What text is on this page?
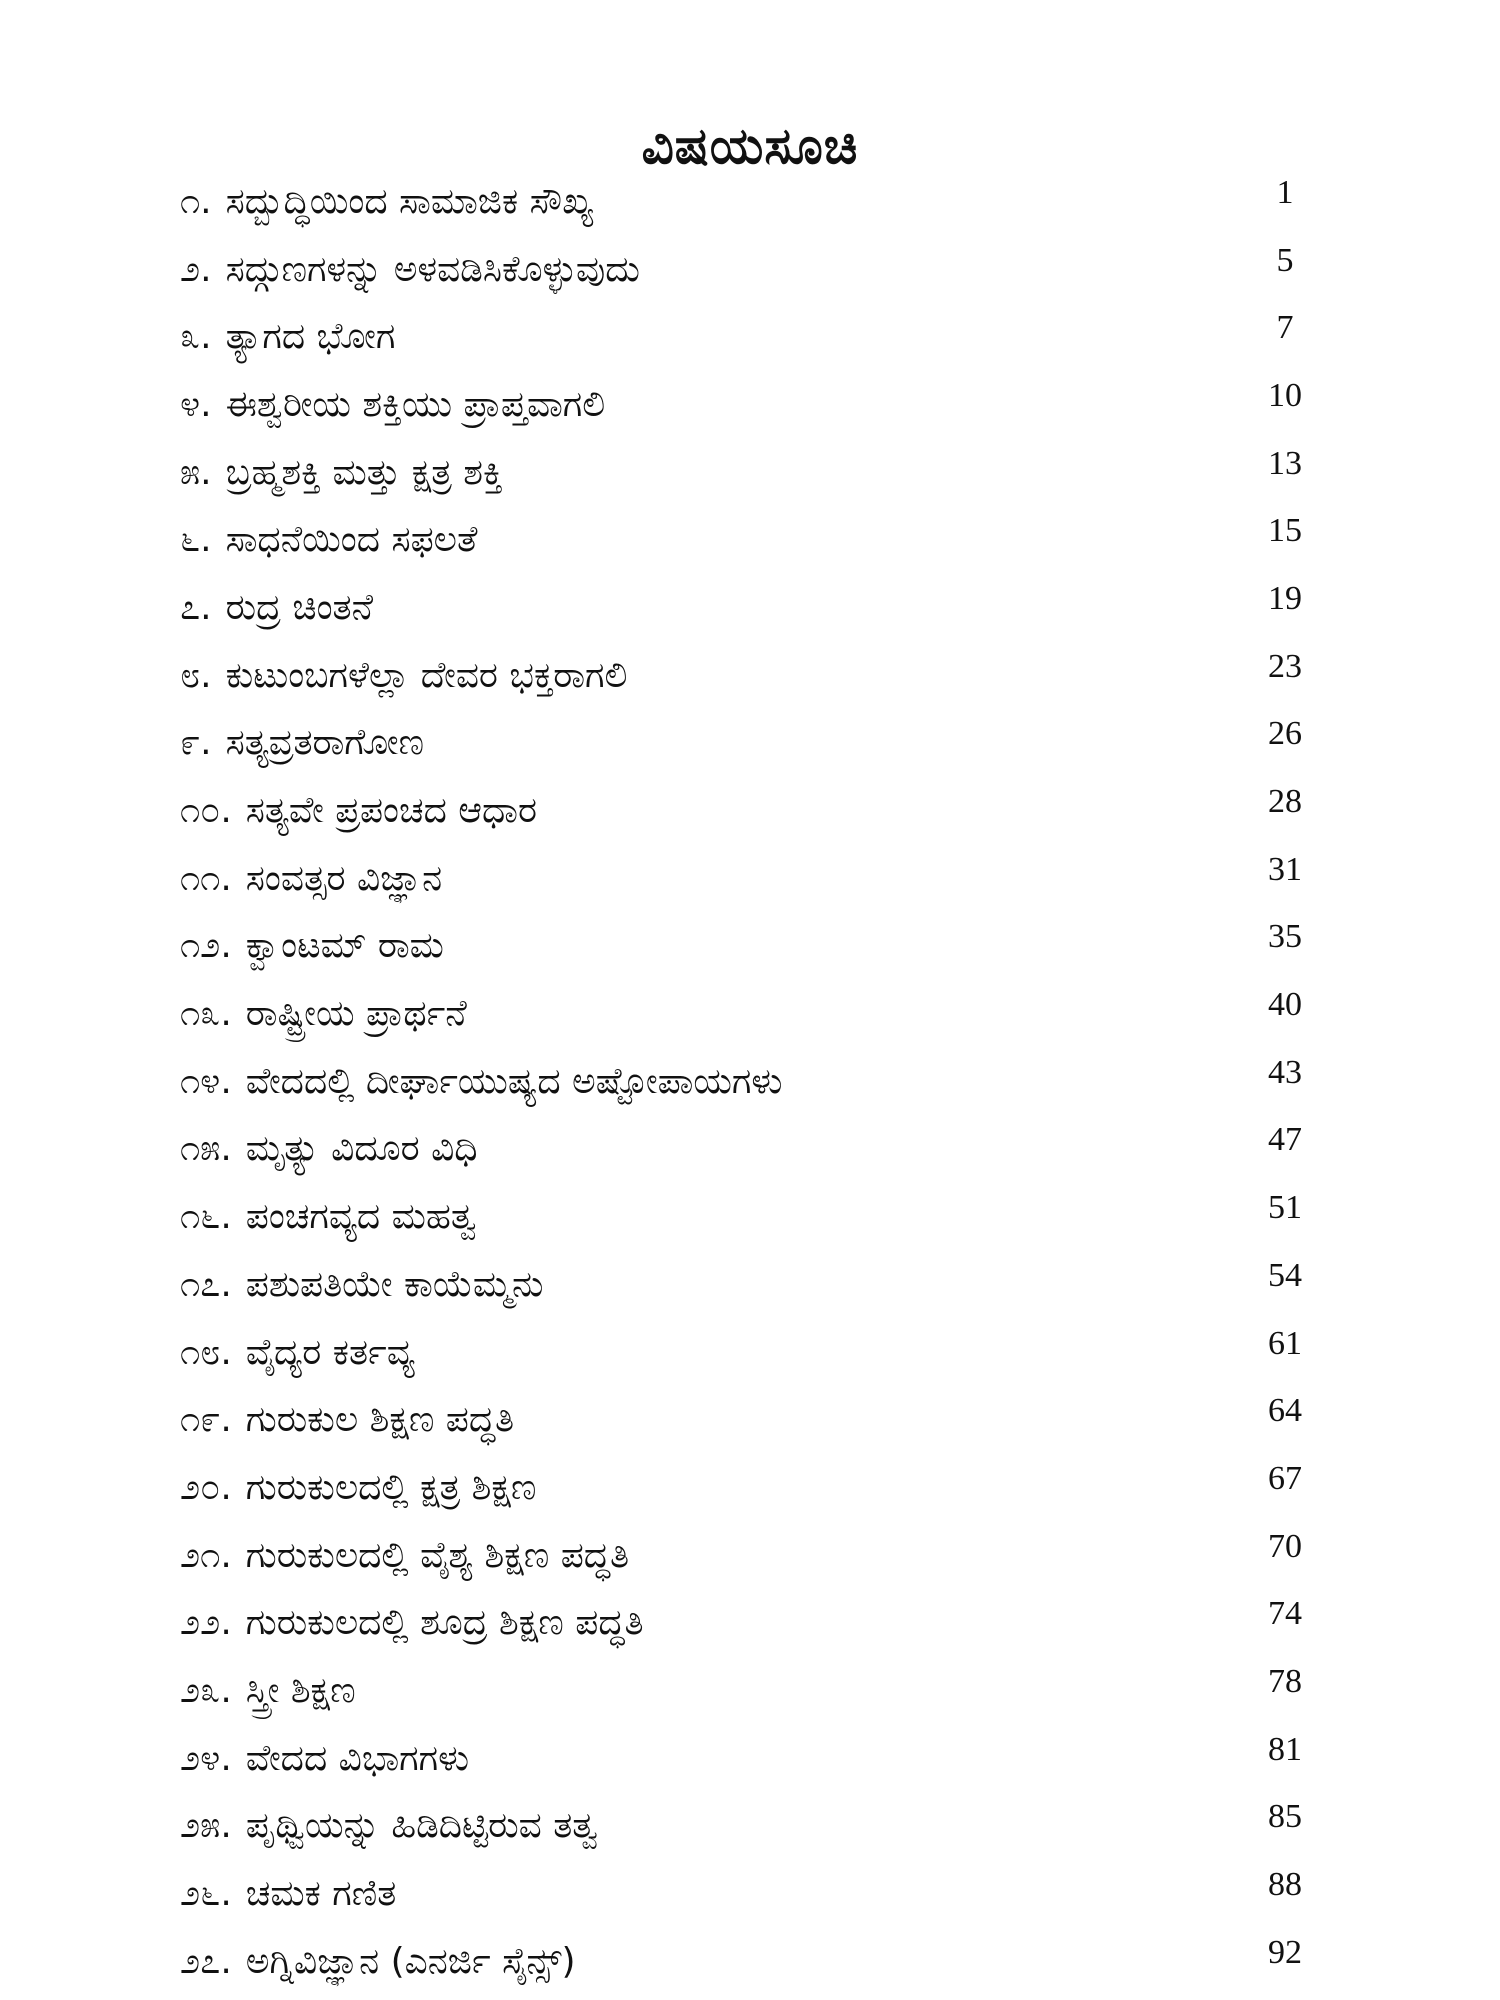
ವಿಷಯಸೂಚಿ
೧. ಸದ್ಬುದ್ಧಿಯಿಂದ ಸಾಮಾಜಿಕ ಸೌಖ್ಯ	1
೨. ಸದ್ಗುಣಗಳನ್ನು ಅಳವಡಿಸಿಕೊಳ್ಳುವುದು	5
೩. ತ್ಯಾಗದ ಭೋಗ	7
೪. ಈಶ್ವರೀಯ ಶಕ್ತಿಯು ಪ್ರಾಪ್ತವಾಗಲಿ	10
೫. ಬ್ರಹ್ಮಶಕ್ತಿ ಮತ್ತು ಕ್ಷತ್ರ ಶಕ್ತಿ	13
೬. ಸಾಧನೆಯಿಂದ ಸಫಲತೆ	15
೭. ರುದ್ರ ಚಿಂತನೆ	19
೮. ಕುಟುಂಬಗಳೆಲ್ಲಾ ದೇವರ ಭಕ್ತರಾಗಲಿ	23
೯. ಸತ್ಯವ್ರತರಾಗೋಣ	26
೧೦. ಸತ್ಯವೇ ಪ್ರಪಂಚದ ಆಧಾರ	28
೧೧. ಸಂವತ್ಸರ ವಿಜ್ಞಾನ	31
೧೨. ಕ್ವಾಂಟಮ್ ರಾಮ	35
೧೩. ರಾಷ್ಟ್ರೀಯ ಪ್ರಾರ್ಥನೆ	40
೧೪. ವೇದದಲ್ಲಿ ದೀರ್ಘಾಯುಷ್ಯದ ಅಷ್ಟೋಪಾಯಗಳು	43
೧೫. ಮೃತ್ಯು ವಿದೂರ ವಿಧಿ	47
೧೬. ಪಂಚಗವ್ಯದ ಮಹತ್ವ	51
೧೭. ಪಶುಪತಿಯೇ ಕಾಯೆಮ್ಮನು	54
೧೮. ವೈದ್ಯರ ಕರ್ತವ್ಯ	61
೧೯. ಗುರುಕುಲ ಶಿಕ್ಷಣ ಪದ್ಧತಿ	64
೨೦. ಗುರುಕುಲದಲ್ಲಿ ಕ್ಷತ್ರ ಶಿಕ್ಷಣ	67
೨೧. ಗುರುಕುಲದಲ್ಲಿ ವೈಶ್ಯ ಶಿಕ್ಷಣ ಪದ್ಧತಿ	70
೨೨. ಗುರುಕುಲದಲ್ಲಿ ಶೂದ್ರ ಶಿಕ್ಷಣ ಪದ್ಧತಿ	74
೨೩. ಸ್ತ್ರೀ ಶಿಕ್ಷಣ	78
೨೪. ವೇದದ ವಿಭಾಗಗಳು	81
೨೫. ಪೃಥ್ವಿಯನ್ನು ಹಿಡಿದಿಟ್ಟಿರುವ ತತ್ವ	85
೨೬. ಚಮಕ ಗಣಿತ	88
೨೭. ಅಗ್ನಿವಿಜ್ಞಾನ (ಎನರ್ಜಿ ಸೈನ್ಸ್)	92
